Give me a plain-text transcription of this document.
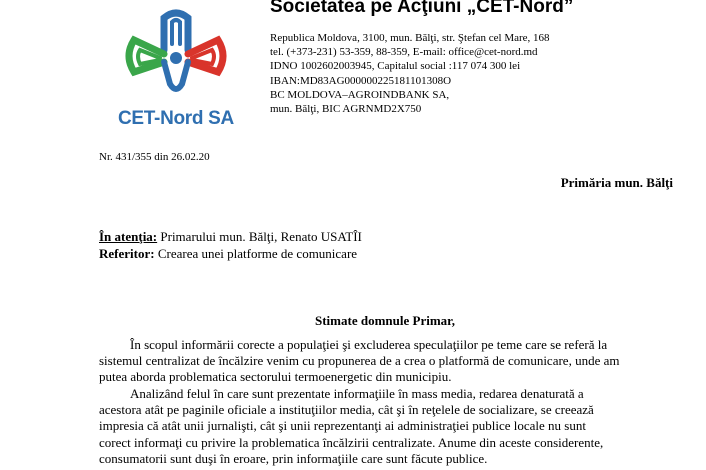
CET-Nord SA
Societatea pe Acţiuni „CET-Nord”
Republica Moldova, 3100, mun. Bălţi, str. Ştefan cel Mare, 168
tel. (+373-231) 53-359, 88-359, E-mail: office@cet-nord.md
IDNO 1002602003945, Capitalul social :117 074 300 lei
IBAN:MD83AG000000225181101308O
BC MOLDOVA–AGROINDBANK SA,
mun. Bălţi, BIC AGRNMD2X750
Nr. 431/355 din 26.02.20
Primăria mun. Bălţi
În atenţia: Primarului mun. Bălţi, Renato USATÎI
Referitor: Crearea unei platforme de comunicare
Stimate domnule Primar,
În scopul informării corecte a populaţiei şi excluderea speculaţiilor pe teme care se referă la
sistemul centralizat de încălzire venim cu propunerea de a crea o platformă de comunicare, unde am
putea aborda problematica sectorului termoenergetic din municipiu.
Analizând felul în care sunt prezentate informaţiile în mass media, redarea denaturată a
acestora atât pe paginile oficiale a instituţiilor media, cât şi în reţelele de socializare, se creează
impresia că atât unii jurnalişti, cât şi unii reprezentanţi ai administraţiei publice locale nu sunt
corect informaţi cu privire la problematica încălzirii centralizate. Anume din aceste considerente,
consumatorii sunt duşi în eroare, prin informaţiile care sunt făcute publice.
